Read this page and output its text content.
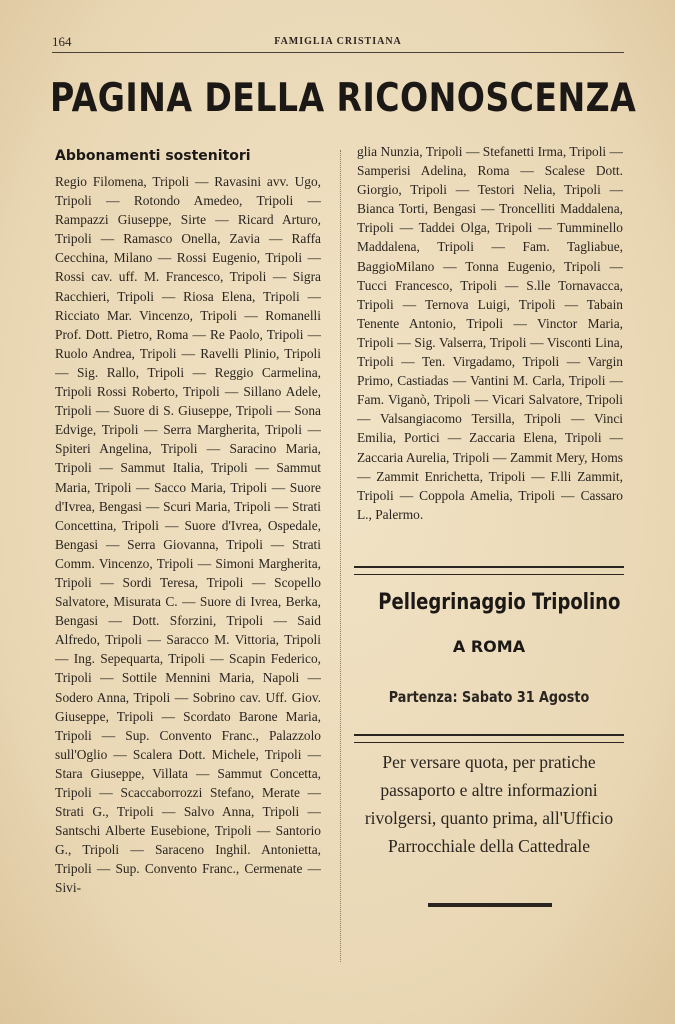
164	FAMIGLIA CRISTIANA
PAGINA DELLA RICONOSCENZA
Abbonamenti sostenitori
Regio Filomena, Tripoli — Ravasini avv. Ugo, Tripoli — Rotondo Amedeo, Tripoli — Rampazzi Giuseppe, Sirte — Ricard Arturo, Tripoli — Ramasco Onella, Zavia — Raffa Cecchina, Milano — Rossi Eugenio, Tripoli — Rossi cav. uff. M. Francesco, Tripoli — Sigra Racchieri, Tripoli — Riosa Elena, Tripoli — Ricciato Mar. Vincenzo, Tripoli — Romanelli Prof. Dott. Pietro, Roma — Re Paolo, Tripoli — Ruolo Andrea, Tripoli — Ravelli Plinio, Tripoli — Sig. Rallo, Tripoli — Reggio Carmelina, Tripoli Rossi Roberto, Tripoli — Sillano Adele, Tripoli — Suore di S. Giuseppe, Tripoli — Sona Edvige, Tripoli — Serra Margherita, Tripoli — Spiteri Angelina, Tripoli — Saracino Maria, Tripoli — Sammut Italia, Tripoli — Sammut Maria, Tripoli — Sacco Maria, Tripoli — Suore d'Ivrea, Bengasi — Scuri Maria, Tripoli — Strati Concettina, Tripoli — Suore d'Ivrea, Ospedale, Bengasi — Serra Giovanna, Tripoli — Strati Comm. Vincenzo, Tripoli — Simoni Margherita, Tripoli — Sordi Teresa, Tripoli — Scopello Salvatore, Misurata C. — Suore di Ivrea, Berka, Bengasi — Dott. Sforzini, Tripoli — Said Alfredo, Tripoli — Saracco M. Vittoria, Tripoli — Ing. Sepequarta, Tripoli — Scapin Federico, Tripoli — Sottile Mennini Maria, Napoli — Sodero Anna, Tripoli — Sobrino cav. Uff. Giov. Giuseppe, Tripoli — Scordato Barone Maria, Tripoli — Sup. Convento Franc., Palazzolo sull'Oglio — Scalera Dott. Michele, Tripoli — Stara Giuseppe, Villata — Sammut Concetta, Tripoli — Scaccaborrozzi Stefano, Merate — Strati G., Tripoli — Salvo Anna, Tripoli — Santschi Alberte Eusebione, Tripoli — Santorio G., Tripoli — Saraceno Inghil. Antonietta, Tripoli — Sup. Convento Franc., Cermenate — Sivi-
glia Nunzia, Tripoli — Stefanetti Irma, Tripoli — Samperisi Adelina, Roma — Scalese Dott. Giorgio, Tripoli — Testori Nelia, Tripoli — Bianca Torti, Bengasi — Troncelliti Maddalena, Tripoli — Taddei Olga, Tripoli — Tumminello Maddalena, Tripoli — Fam. Tagliabue, BaggioMilano — Tonna Eugenio, Tripoli — Tucci Francesco, Tripoli — S.lle Tornavacca, Tripoli — Ternova Luigi, Tripoli — Tabain Tenente Antonio, Tripoli — Vinctor Maria, Tripoli — Sig. Valserra, Tripoli — Visconti Lina, Tripoli — Ten. Virgadamo, Tripoli — Vargin Primo, Castiadas — Vantini M. Carla, Tripoli — Fam. Viganò, Tripoli — Vicari Salvatore, Tripoli — Valsangiacomo Tersilla, Tripoli — Vinci Emilia, Portici — Zaccaria Elena, Tripoli — Zaccaria Aurelia, Tripoli — Zammit Mery, Homs — Zammit Enrichetta, Tripoli — F.lli Zammit, Tripoli — Coppola Amelia, Tripoli — Cassaro L., Palermo.
Pellegrinaggio Tripolino
A ROMA
Partenza: Sabato 31 Agosto
Per versare quota, per pratiche passaporto e altre informazioni rivolgersi, quanto prima, all'Ufficio Parrocchiale della Cattedrale
